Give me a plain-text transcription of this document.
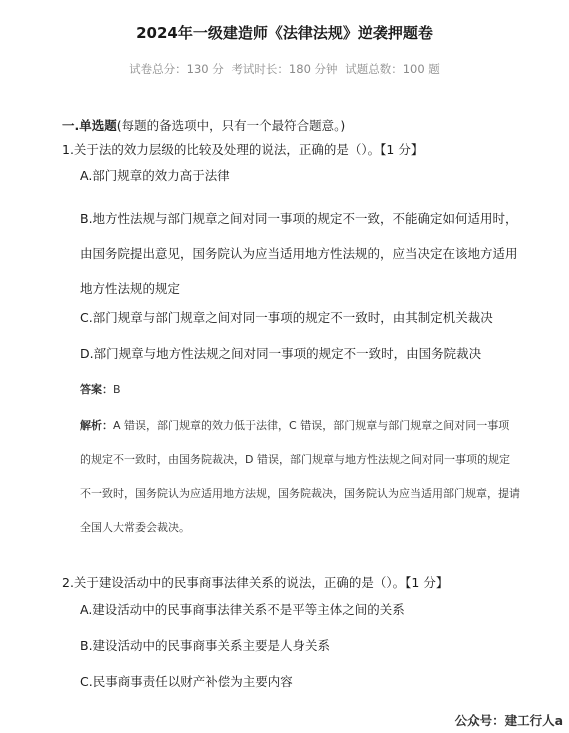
2024年一级建造师《法律法规》逆袭押题卷
试卷总分：130 分 考试时长：180 分钟 试题总数：100 题
一.单选题(每题的备选项中，只有一个最符合题意。)
1.关于法的效力层级的比较及处理的说法，正确的是（）。【1 分】
A.部门规章的效力高于法律
B.地方性法规与部门规章之间对同一事项的规定不一致，不能确定如何适用时，由国务院提出意见，国务院认为应当适用地方性法规的，应当决定在该地方适用地方性法规的规定
C.部门规章与部门规章之间对同一事项的规定不一致时，由其制定机关裁决
D.部门规章与地方性法规之间对同一事项的规定不一致时，由国务院裁决
答案：B
解析：A 错误，部门规章的效力低于法律，C 错误，部门规章与部门规章之间对同一事项的规定不一致时，由国务院裁决，D 错误，部门规章与地方性法规之间对同一事项的规定不一致时，国务院认为应适用地方法规，国务院裁决，国务院认为应当适用部门规章，提请全国人大常委会裁决。
2.关于建设活动中的民事商事法律关系的说法，正确的是（）。【1 分】
A.建设活动中的民事商事法律关系不是平等主体之间的关系
B.建设活动中的民事商事关系主要是人身关系
C.民事商事责任以财产补偿为主要内容
公众号：建工行人a
